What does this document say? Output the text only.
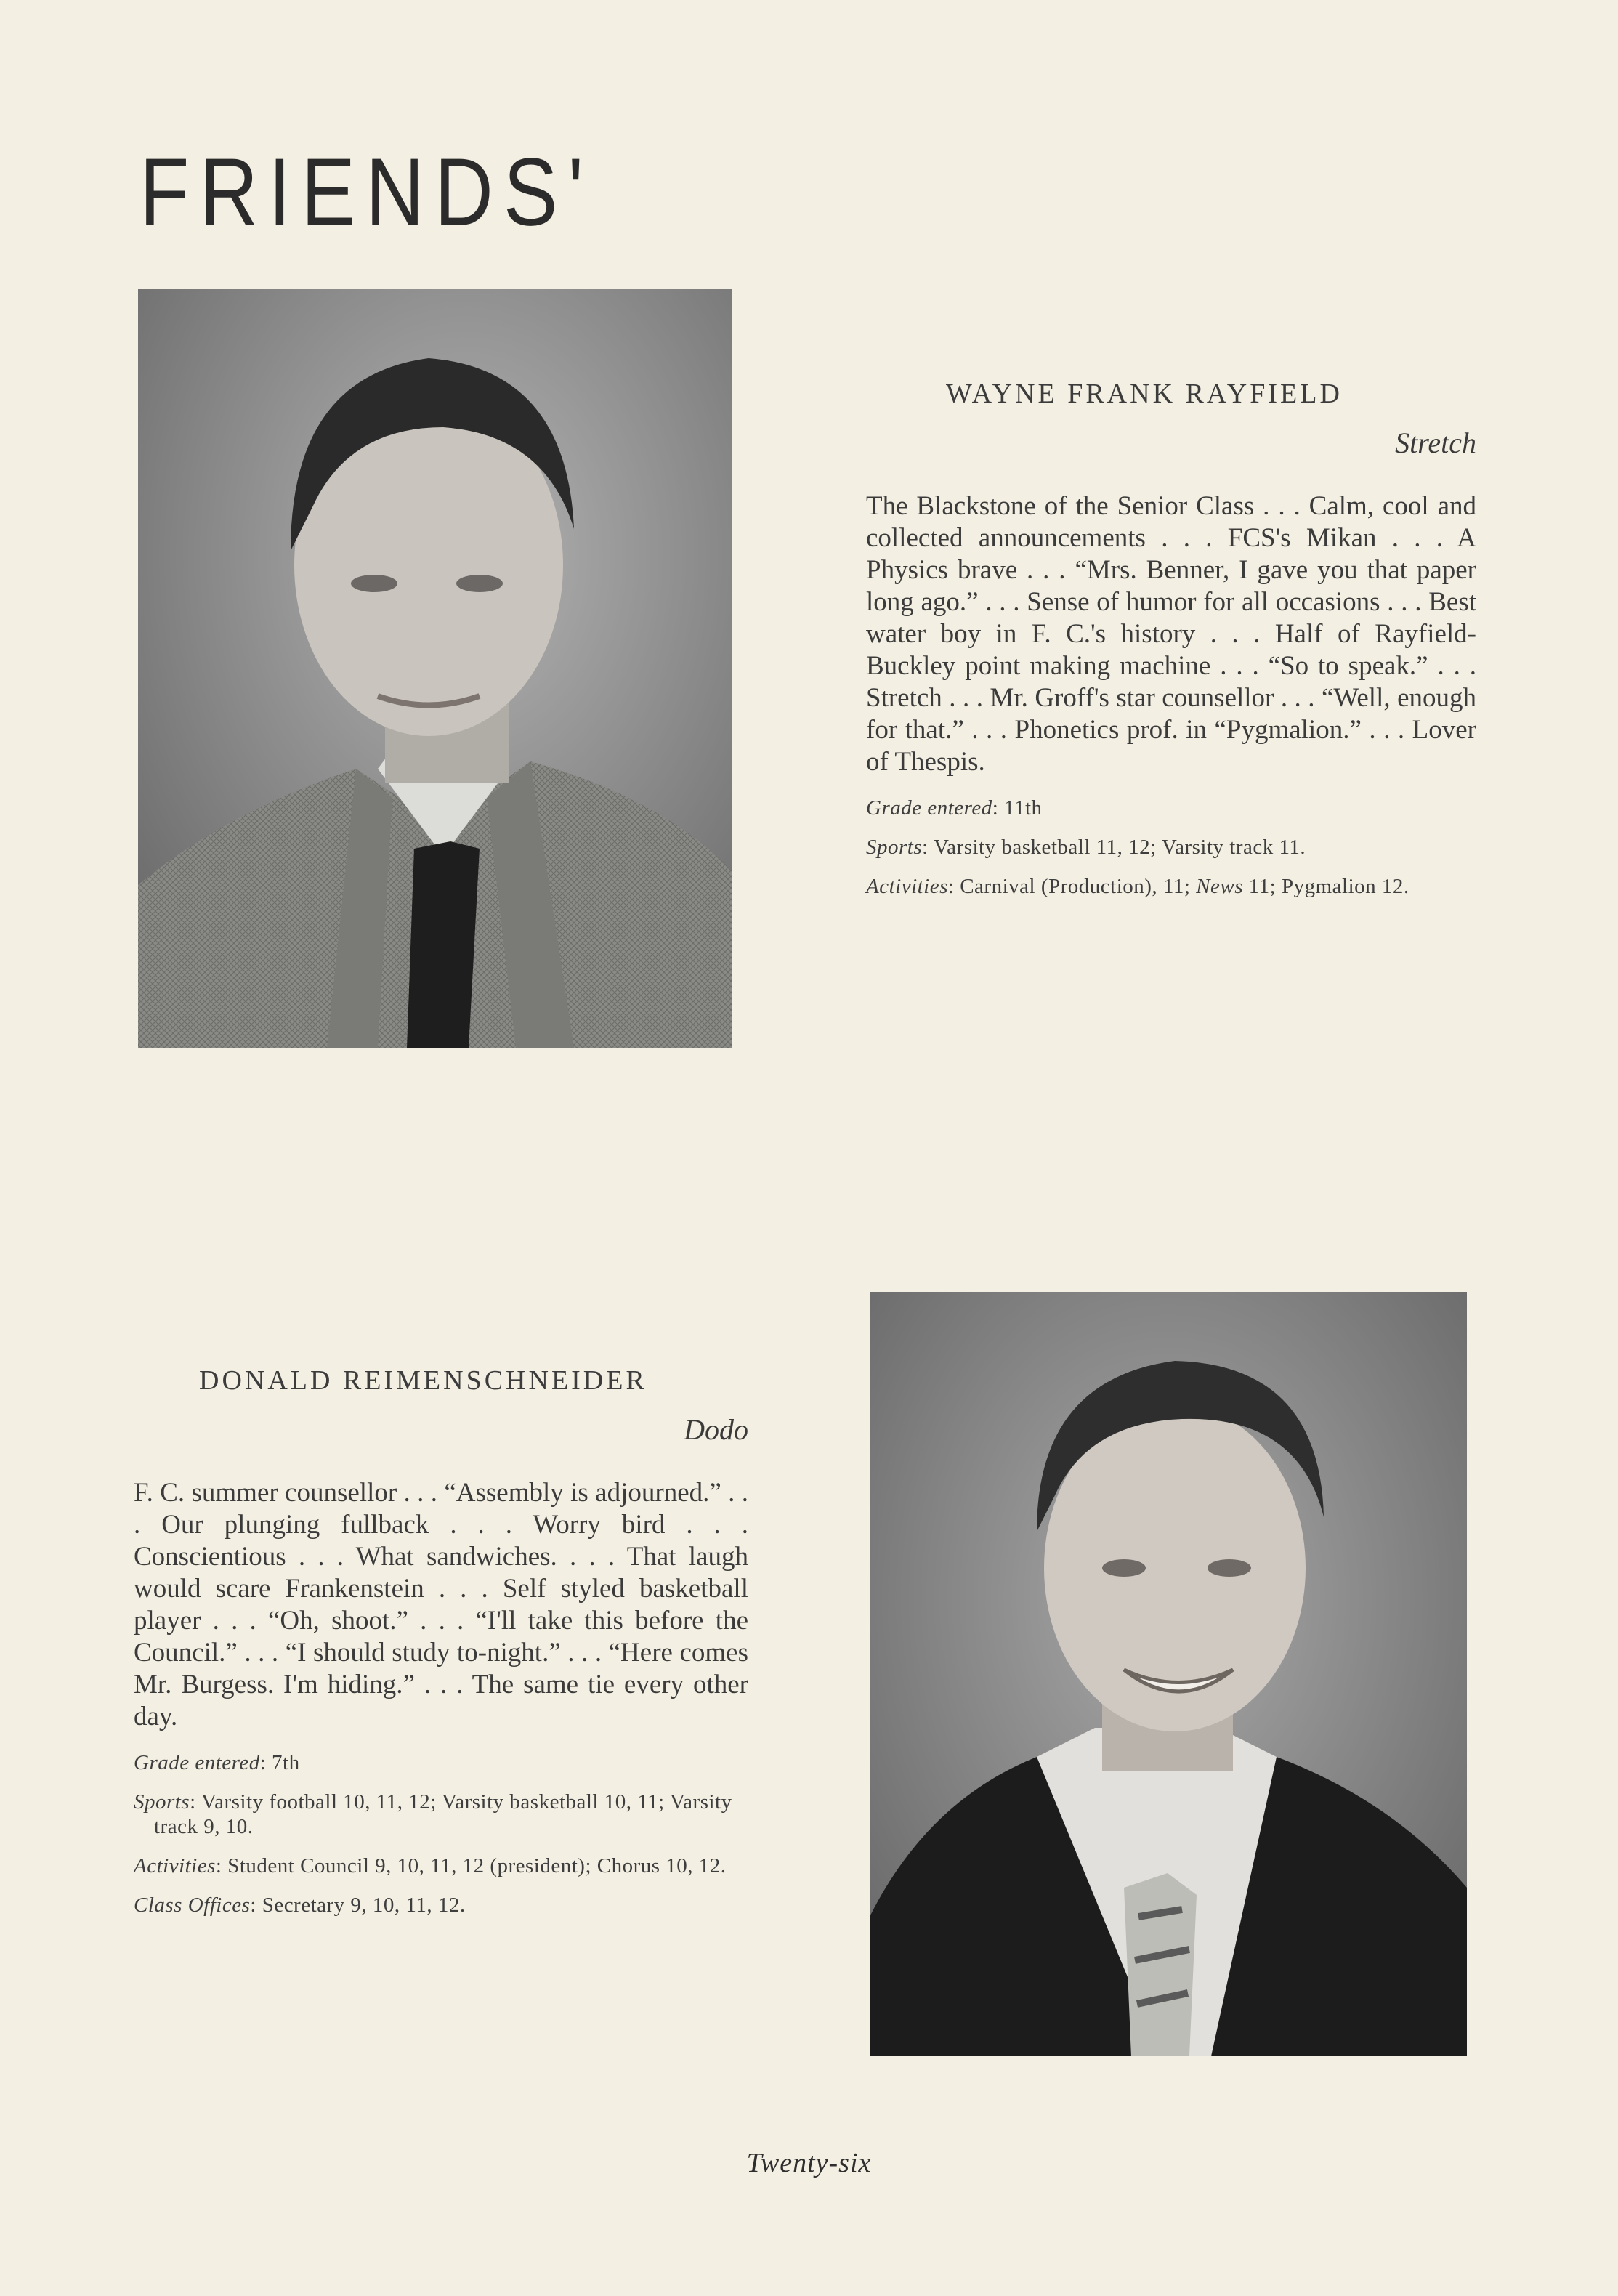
FRIENDS'
WAYNE FRANK RAYFIELD
Stretch

The Blackstone of the Senior Class . . . Calm, cool and collected announcements . . . FCS's Mikan . . . A Physics brave . . . “Mrs. Benner, I gave you that paper long ago.” . . . Sense of humor for all occasions . . . Best water boy in F. C.'s history . . . Half of Rayfield-Buckley point making machine . . . “So to speak.” . . . Stretch . . . Mr. Groff's star counsellor . . . “Well, enough for that.” . . . Phonetics prof. in “Pygmalion.” . . . Lover of Thespis.

Grade entered: 11th

Sports: Varsity basketball 11, 12; Varsity track 11.

Activities: Carnival (Production), 11; News 11; Pygmalion 12.

DONALD REIMENSCHNEIDER
Dodo

F. C. summer counsellor . . . “Assembly is adjourned.” . . . Our plunging fullback . . . Worry bird . . . Conscientious . . . What sandwiches. . . . That laugh would scare Frankenstein . . . Self styled basketball player . . . “Oh, shoot.” . . . “I'll take this before the Council.” . . . “I should study to-night.” . . . “Here comes Mr. Burgess. I'm hiding.” . . . The same tie every other day.

Grade entered: 7th

Sports: Varsity football 10, 11, 12; Varsity basketball 10, 11; Varsity track 9, 10.

Activities: Student Council 9, 10, 11, 12 (president); Chorus 10, 12.

Class Offices: Secretary 9, 10, 11, 12.

Twenty-six
